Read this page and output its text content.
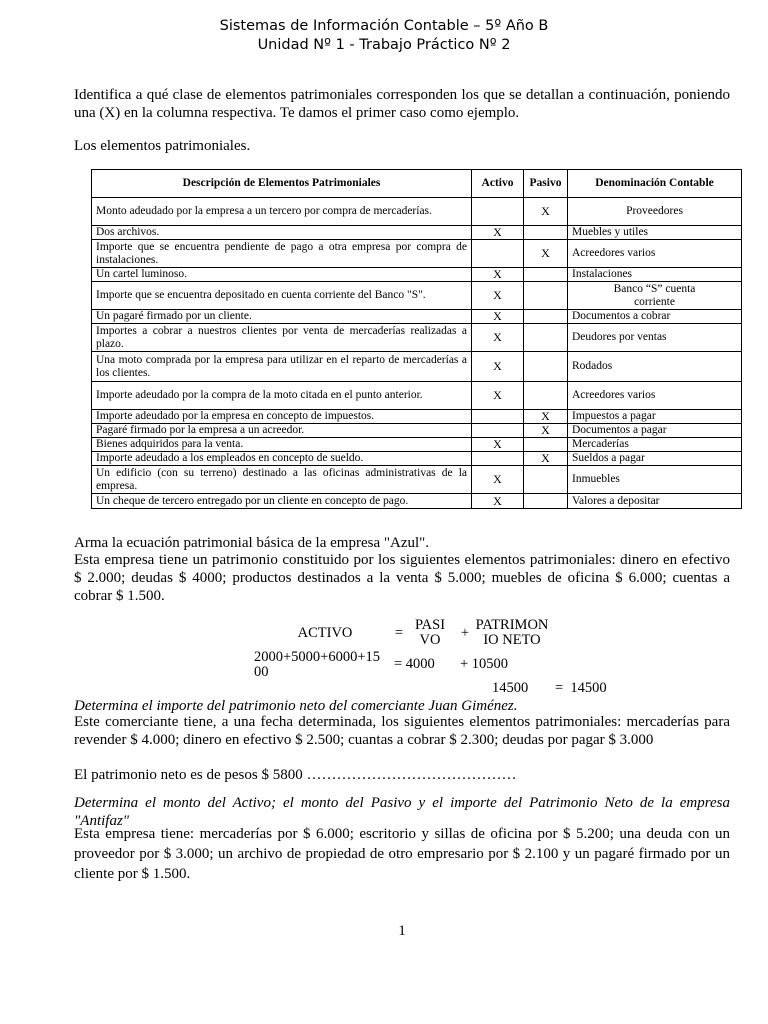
Sistemas de Información Contable – 5º Año B
Unidad Nº 1 - Trabajo Práctico Nº 2
Identifica a qué clase de elementos patrimoniales corresponden los que se detallan a continuación, poniendo una (X) en la columna respectiva. Te damos el primer caso como ejemplo.
Los elementos patrimoniales.
Descripción de Elementos Patrimoniales	Activo	Pasivo	Denominación Contable
Monto adeudado por la empresa a un tercero por compra de mercaderías.		X	Proveedores
Dos archivos.	X		Muebles y utiles
Importe que se encuentra pendiente de pago a otra empresa por compra de instalaciones.		X	Acreedores varios
Un cartel luminoso.	X		Instalaciones
Importe que se encuentra depositado en cuenta corriente del Banco "S".	X		Banco “S” cuenta corriente
Un pagaré firmado por un cliente.	X		Documentos a cobrar
Importes a cobrar a nuestros clientes por venta de mercaderías realizadas a plazo.	X		Deudores por ventas
Una moto comprada por la empresa para utilizar en el reparto de mercaderías a los clientes.	X		Rodados
Importe adeudado por la compra de la moto citada en el punto anterior.	X		Acreedores varios
Importe adeudado por la empresa en concepto de impuestos.		X	Impuestos a pagar
Pagaré firmado por la empresa a un acreedor.		X	Documentos a pagar
Bienes adquiridos para la venta.	X		Mercaderías
Importe adeudado a los empleados en concepto de sueldo.		X	Sueldos a pagar
Un edificio (con su terreno) destinado a las oficinas administrativas de la empresa.	X		Inmuebles
Un cheque de tercero entregado por un cliente en concepto de pago.	X		Valores a depositar
Arma la ecuación patrimonial básica de la empresa "Azul".
Esta empresa tiene un patrimonio constituido por los siguientes elementos patrimoniales: dinero en efectivo $ 2.000; deudas $ 4000; productos destinados a la venta $ 5.000; muebles de oficina $ 6.000; cuentas a cobrar $ 1.500.
ACTIVO	= PASI
VO	+ PATRIMON
IO NETO
2000+5000+6000+15
00	= 4000	+ 10500
14500	=  14500
Determina el importe del patrimonio neto del comerciante Juan Giménez.
Este comerciante tiene, a una fecha determinada, los siguientes elementos patrimoniales: mercaderías para revender $ 4.000; dinero en efectivo $ 2.500; cuantas a cobrar $ 2.300; deudas por pagar $ 3.000
El patrimonio neto es de pesos $ 5800 ……………………………………
Determina el monto del Activo; el monto del Pasivo y el importe del Patrimonio Neto de la empresa "Antifaz"
Esta empresa tiene: mercaderías por $ 6.000; escritorio y sillas de oficina por $ 5.200; una deuda con un proveedor por $ 3.000; un archivo de propiedad de otro empresario por $ 2.100 y un pagaré firmado por un cliente por $ 1.500.
1
